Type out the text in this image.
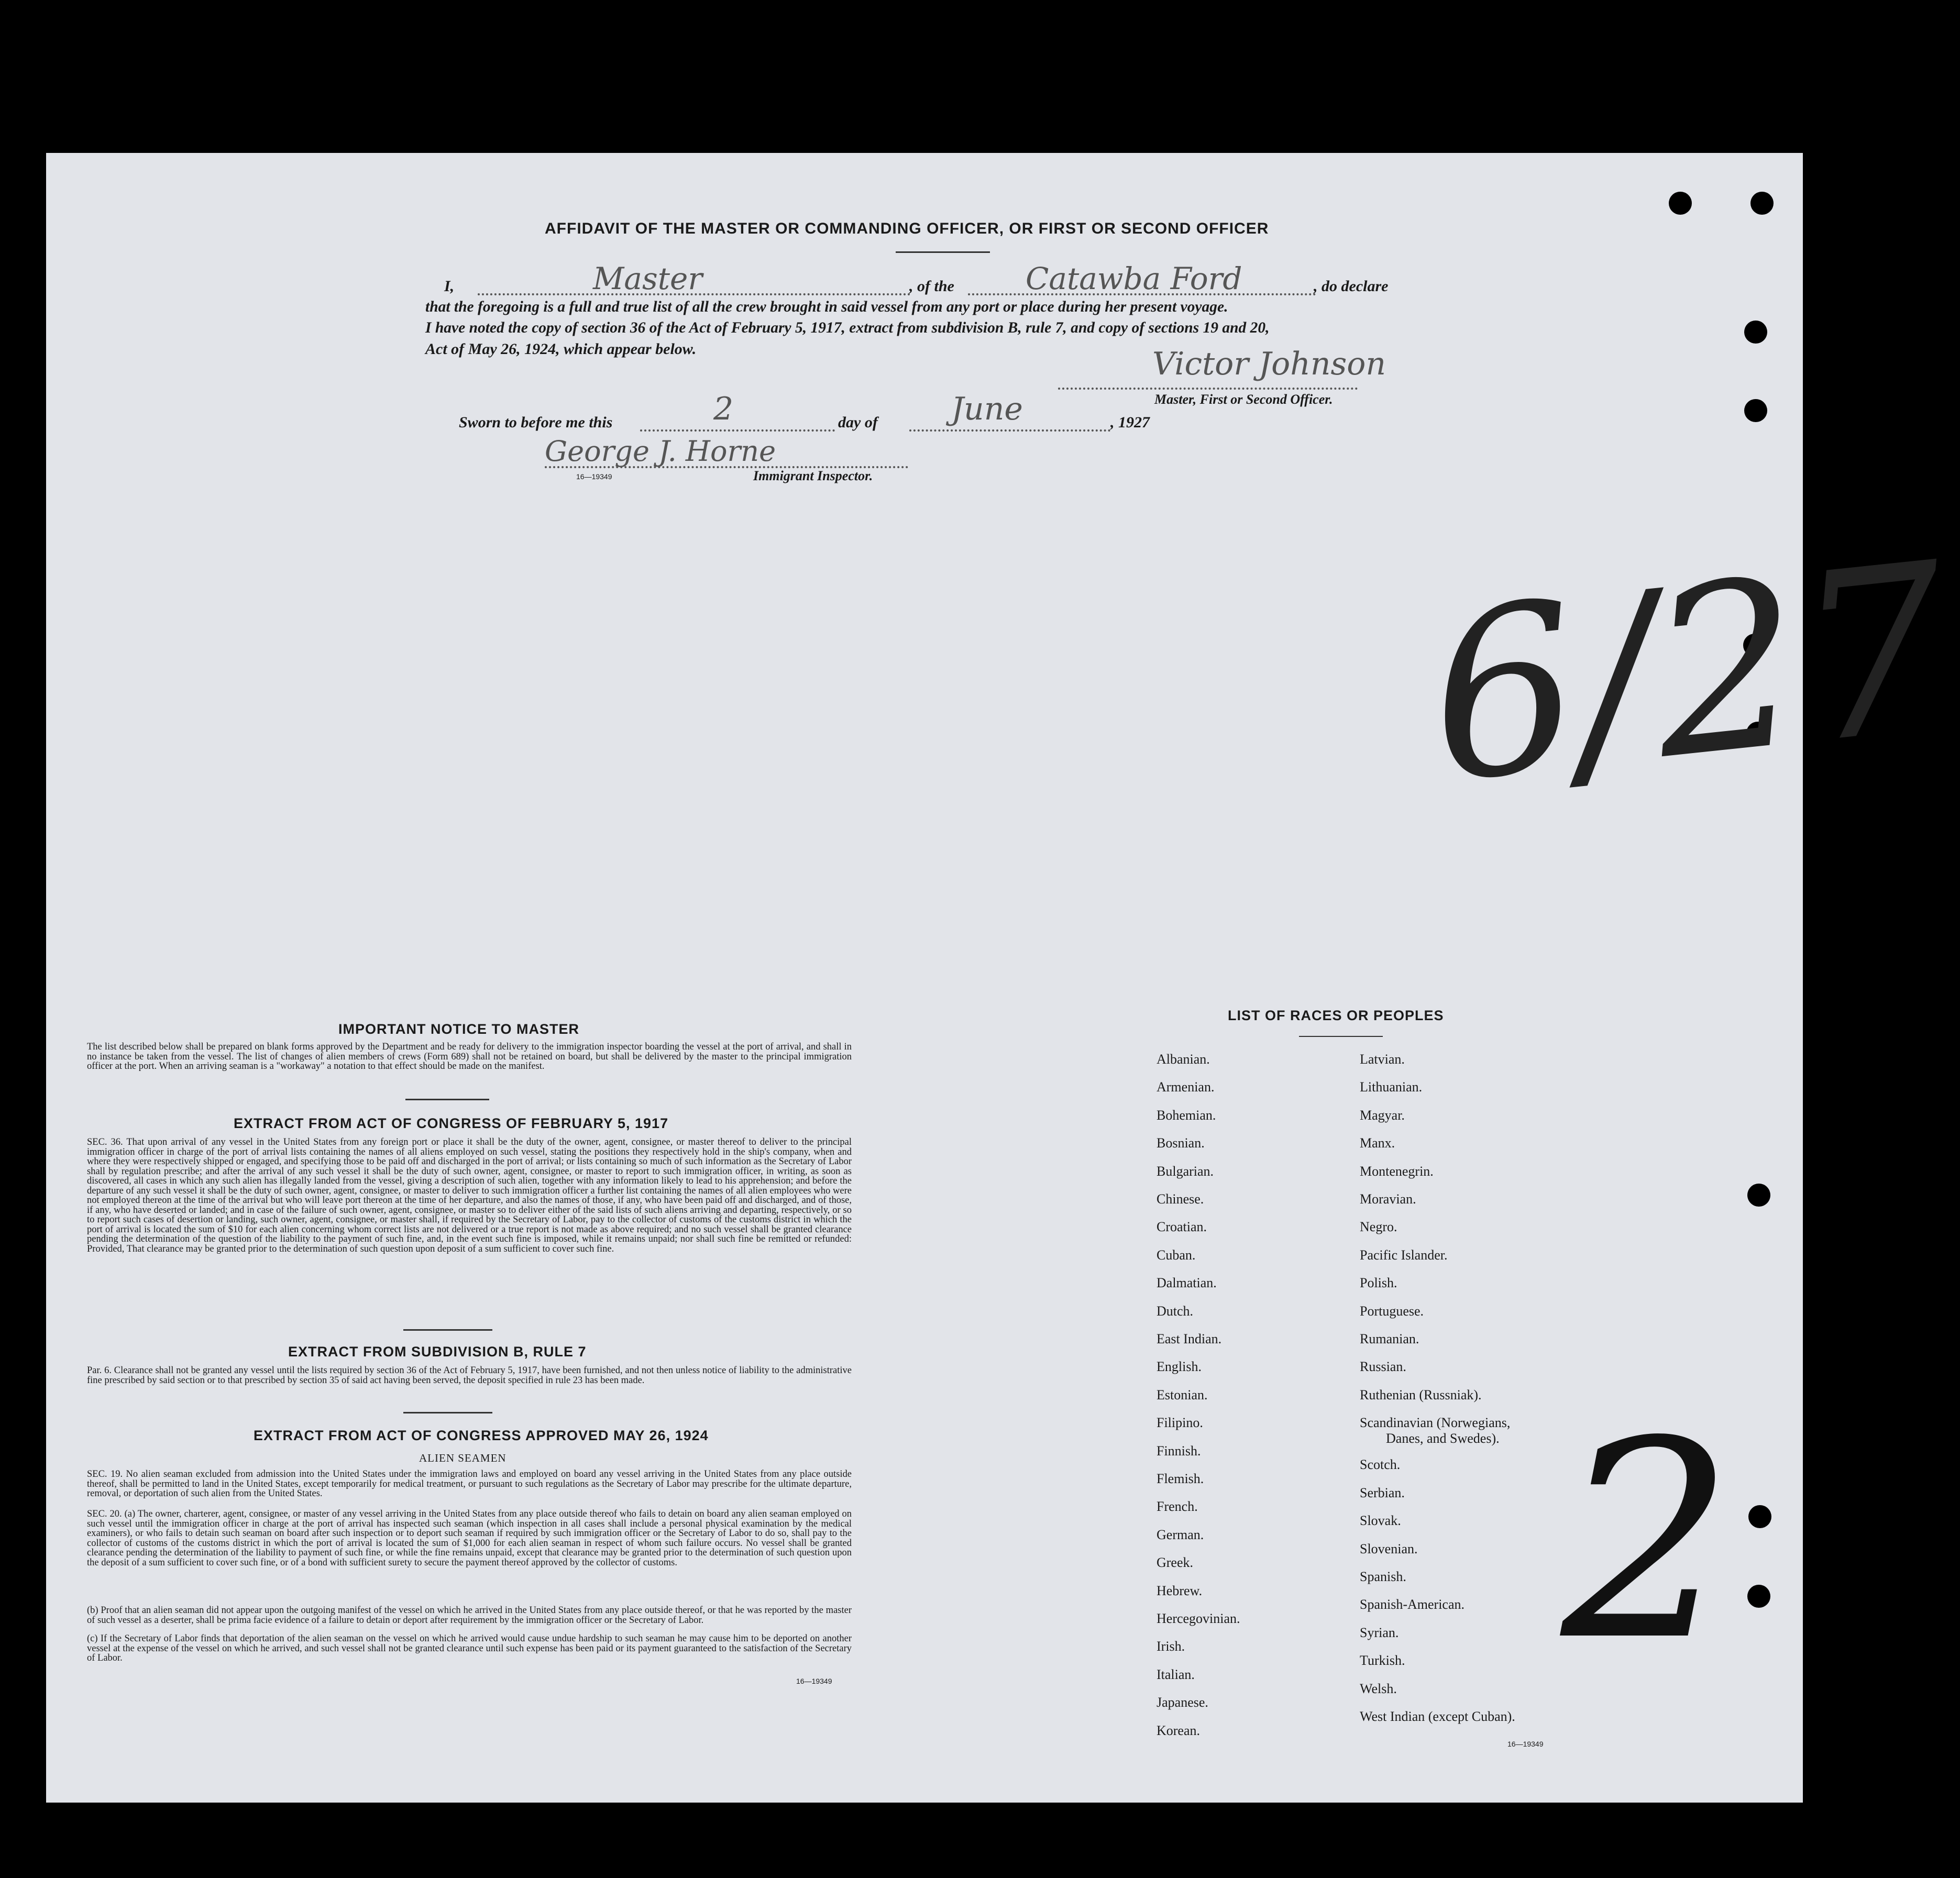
AFFIDAVIT OF THE MASTER OR COMMANDING OFFICER, OR FIRST OR SECOND OFFICER
I,	Master	, of the Catawba Ford	, do declare
that the foregoing is a full and true list of all the crew brought in said vessel from any port or place during her present voyage.
I have noted the copy of section 36 of the Act of February 5, 1917, extract from subdivision B, rule 7, and copy of sections 19 and 20,
Act of May 26, 1924, which appear below.	Victor Johnson
Master, First or Second Officer.
Sworn to before me this	2	day of June	, 1927
George J. Horne
16—19349	Immigrant Inspector.
6/27
2
IMPORTANT NOTICE TO MASTER
The list described below shall be prepared on blank forms approved by the Department and be ready for delivery to the immigration inspector boarding the vessel at the port of arrival, and shall in no instance be taken from the vessel. The list of changes of alien members of crews (Form 689) shall not be retained on board, but shall be delivered by the master to the principal immigration officer at the port. When an arriving seaman is a "workaway" a notation to that effect should be made on the manifest.
EXTRACT FROM ACT OF CONGRESS OF FEBRUARY 5, 1917
SEC. 36. That upon arrival of any vessel in the United States from any foreign port or place it shall be the duty of the owner, agent, consignee, or master thereof to deliver to the principal immigration officer in charge of the port of arrival lists containing the names of all aliens employed on such vessel, stating the positions they respectively hold in the ship's company, when and where they were respectively shipped or engaged, and specifying those to be paid off and discharged in the port of arrival; or lists containing so much of such information as the Secretary of Labor shall by regulation prescribe; and after the arrival of any such vessel it shall be the duty of such owner, agent, consignee, or master to report to such immigration officer, in writing, as soon as discovered, all cases in which any such alien has illegally landed from the vessel, giving a description of such alien, together with any information likely to lead to his apprehension; and before the departure of any such vessel it shall be the duty of such owner, agent, consignee, or master to deliver to such immigration officer a further list containing the names of all alien employees who were not employed thereon at the time of the arrival but who will leave port thereon at the time of her departure, and also the names of those, if any, who have been paid off and discharged, and of those, if any, who have deserted or landed; and in case of the failure of such owner, agent, consignee, or master so to deliver either of the said lists of such aliens arriving and departing, respectively, or so to report such cases of desertion or landing, such owner, agent, consignee, or master shall, if required by the Secretary of Labor, pay to the collector of customs of the customs district in which the port of arrival is located the sum of $10 for each alien concerning whom correct lists are not delivered or a true report is not made as above required; and no such vessel shall be granted clearance pending the determination of the question of the liability to the payment of such fine, and, in the event such fine is imposed, while it remains unpaid; nor shall such fine be remitted or refunded: Provided, That clearance may be granted prior to the determination of such question upon deposit of a sum sufficient to cover such fine.
EXTRACT FROM SUBDIVISION B, RULE 7
Par. 6. Clearance shall not be granted any vessel until the lists required by section 36 of the Act of February 5, 1917, have been furnished, and not then unless notice of liability to the administrative fine prescribed by said section or to that prescribed by section 35 of said act having been served, the deposit specified in rule 23 has been made.
EXTRACT FROM ACT OF CONGRESS APPROVED MAY 26, 1924
ALIEN SEAMEN
SEC. 19. No alien seaman excluded from admission into the United States under the immigration laws and employed on board any vessel arriving in the United States from any place outside thereof, shall be permitted to land in the United States, except temporarily for medical treatment, or pursuant to such regulations as the Secretary of Labor may prescribe for the ultimate departure, removal, or deportation of such alien from the United States.
SEC. 20. (a) The owner, charterer, agent, consignee, or master of any vessel arriving in the United States from any place outside thereof who fails to detain on board any alien seaman employed on such vessel until the immigration officer in charge at the port of arrival has inspected such seaman (which inspection in all cases shall include a personal physical examination by the medical examiners), or who fails to detain such seaman on board after such inspection or to deport such seaman if required by such immigration officer or the Secretary of Labor to do so, shall pay to the collector of customs of the customs district in which the port of arrival is located the sum of $1,000 for each alien seaman in respect of whom such failure occurs. No vessel shall be granted clearance pending the determination of the liability to payment of such fine, or while the fine remains unpaid, except that clearance may be granted prior to the determination of such question upon the deposit of a sum sufficient to cover such fine, or of a bond with sufficient surety to secure the payment thereof approved by the collector of customs.
(b) Proof that an alien seaman did not appear upon the outgoing manifest of the vessel on which he arrived in the United States from any place outside thereof, or that he was reported by the master of such vessel as a deserter, shall be prima facie evidence of a failure to detain or deport after requirement by the immigration officer or the Secretary of Labor.
(c) If the Secretary of Labor finds that deportation of the alien seaman on the vessel on which he arrived would cause undue hardship to such seaman he may cause him to be deported on another vessel at the expense of the vessel on which he arrived, and such vessel shall not be granted clearance until such expense has been paid or its payment guaranteed to the satisfaction of the Secretary of Labor.
16—19349
LIST OF RACES OR PEOPLES
Albanian.
Armenian.
Bohemian.
Bosnian.
Bulgarian.
Chinese.
Croatian.
Cuban.
Dalmatian.
Dutch.
East Indian.
English.
Estonian.
Filipino.
Finnish.
Flemish.
French.
German.
Greek.
Hebrew.
Hercegovinian.
Irish.
Italian.
Japanese.
Korean.
Latvian.
Lithuanian.
Magyar.
Manx.
Montenegrin.
Moravian.
Negro.
Pacific Islander.
Polish.
Portuguese.
Rumanian.
Russian.
Ruthenian (Russniak).
Scandinavian (Norwegians,
Danes, and Swedes).
Scotch.
Serbian.
Slovak.
Slovenian.
Spanish.
Spanish-American.
Syrian.
Turkish.
Welsh.
West Indian (except Cuban).
16—19349
